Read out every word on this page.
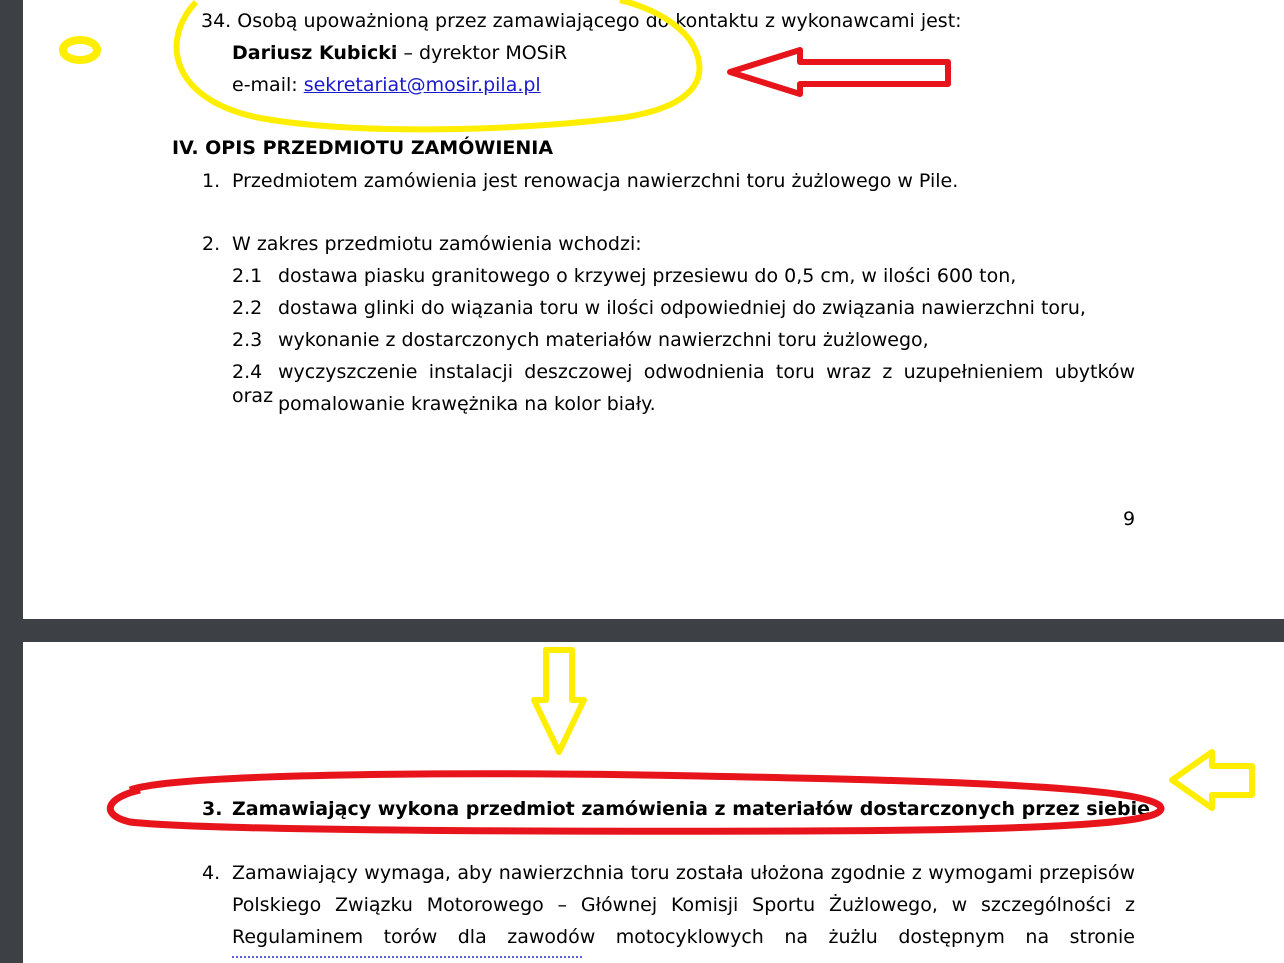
34. Osobą upoważnioną przez zamawiającego do kontaktu z wykonawcami jest:
Dariusz Kubicki – dyrektor MOSiR
e-mail: sekretariat@mosir.pila.pl
IV. OPIS PRZEDMIOTU ZAMÓWIENIA
1. Przedmiotem zamówienia jest renowacja nawierzchni toru żużlowego w Pile.
2. W zakres przedmiotu zamówienia wchodzi:
2.1 dostawa piasku granitowego o krzywej przesiewu do 0,5 cm, w ilości 600 ton,
2.2 dostawa glinki do wiązania toru w ilości odpowiedniej do związania nawierzchni toru,
2.3 wykonanie z dostarczonych materiałów nawierzchni toru żużlowego,
2.4 wyczyszczenie instalacji deszczowej odwodnienia toru wraz z uzupełnieniem ubytków oraz pomalowanie krawężnika na kolor biały.
9
3. Zamawiający wykona przedmiot zamówienia z materiałów dostarczonych przez siebie.
4. Zamawiający wymaga, aby nawierzchnia toru została ułożona zgodnie z wymogami przepisów
Polskiego Związku Motorowego – Głównej Komisji Sportu Żużlowego, w szczególności z
Regulaminem torów dla zawodów motocyklowych na żużlu dostępnym na stronie
